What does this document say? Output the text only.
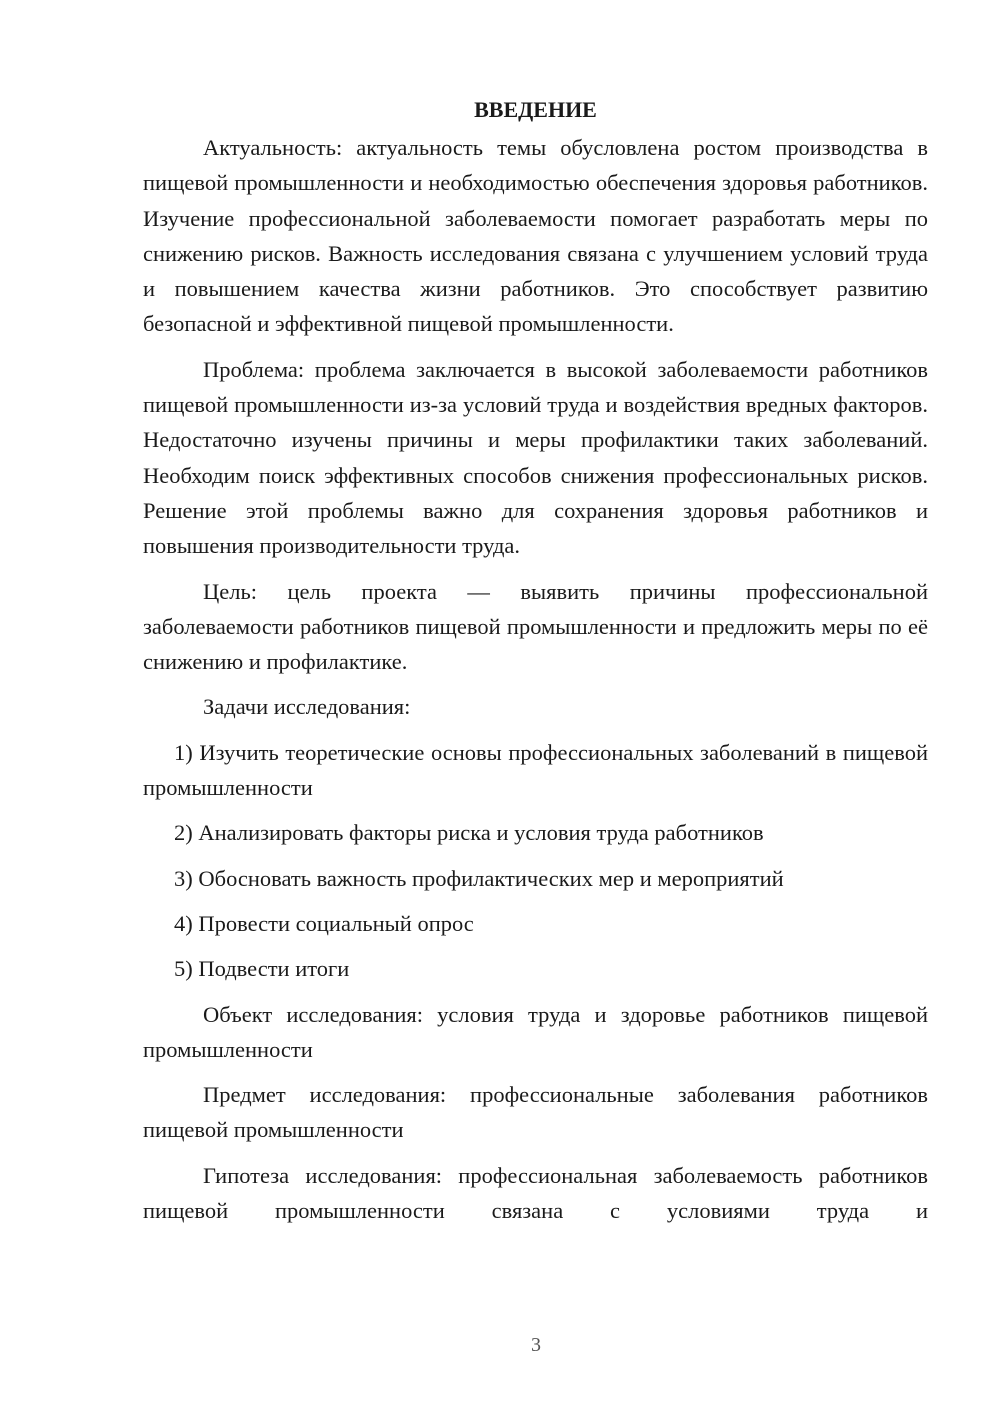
ВВЕДЕНИЕ

Актуальность: актуальность темы обусловлена ростом производства в пищевой промышленности и необходимостью обеспечения здоровья работников. Изучение профессиональной заболеваемости помогает разработать меры по снижению рисков. Важность исследования связана с улучшением условий труда и повышением качества жизни работников. Это способствует развитию безопасной и эффективной пищевой промышленности.

Проблема: проблема заключается в высокой заболеваемости работников пищевой промышленности из-за условий труда и воздействия вредных факторов. Недостаточно изучены причины и меры профилактики таких заболеваний. Необходим поиск эффективных способов снижения профессиональных рисков. Решение этой проблемы важно для сохранения здоровья работников и повышения производительности труда.

Цель: цель проекта — выявить причины профессиональной заболеваемости работников пищевой промышленности и предложить меры по её снижению и профилактике.

Задачи исследования:

1) Изучить теоретические основы профессиональных заболеваний в пищевой промышленности

2) Анализировать факторы риска и условия труда работников

3) Обосновать важность профилактических мер и мероприятий

4) Провести социальный опрос

5) Подвести итоги

Объект исследования: условия труда и здоровье работников пищевой промышленности

Предмет исследования: профессиональные заболевания работников пищевой промышленности

Гипотеза исследования: профессиональная заболеваемость работников пищевой промышленности связана с условиями труда и

3
